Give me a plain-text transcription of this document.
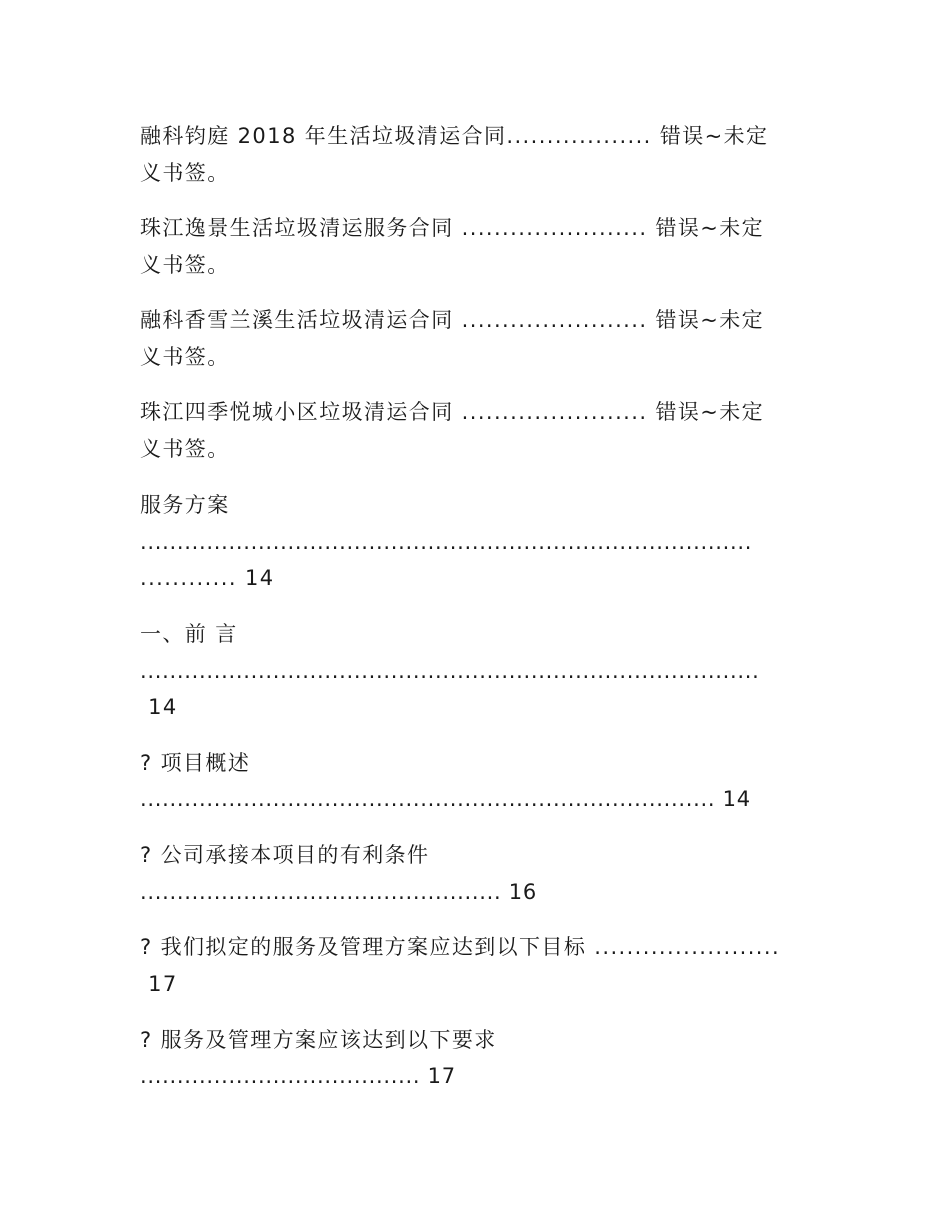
融科钧庭 2018 年生活垃圾清运合同.................. 错误~未定

义书签。

珠江逸景生活垃圾清运服务合同 ....................... 错误~未定

义书签。

融科香雪兰溪生活垃圾清运合同 ....................... 错误~未定

义书签。

珠江四季悦城小区垃圾清运合同 ....................... 错误~未定

义书签。

服务方案

...................................................................................

............ 14

一、前 言

....................................................................................

14

? 项目概述

.............................................................................. 14

? 公司承接本项目的有利条件

................................................. 16

? 我们拟定的服务及管理方案应达到以下目标 .......................

17

? 服务及管理方案应该达到以下要求

...................................... 17
